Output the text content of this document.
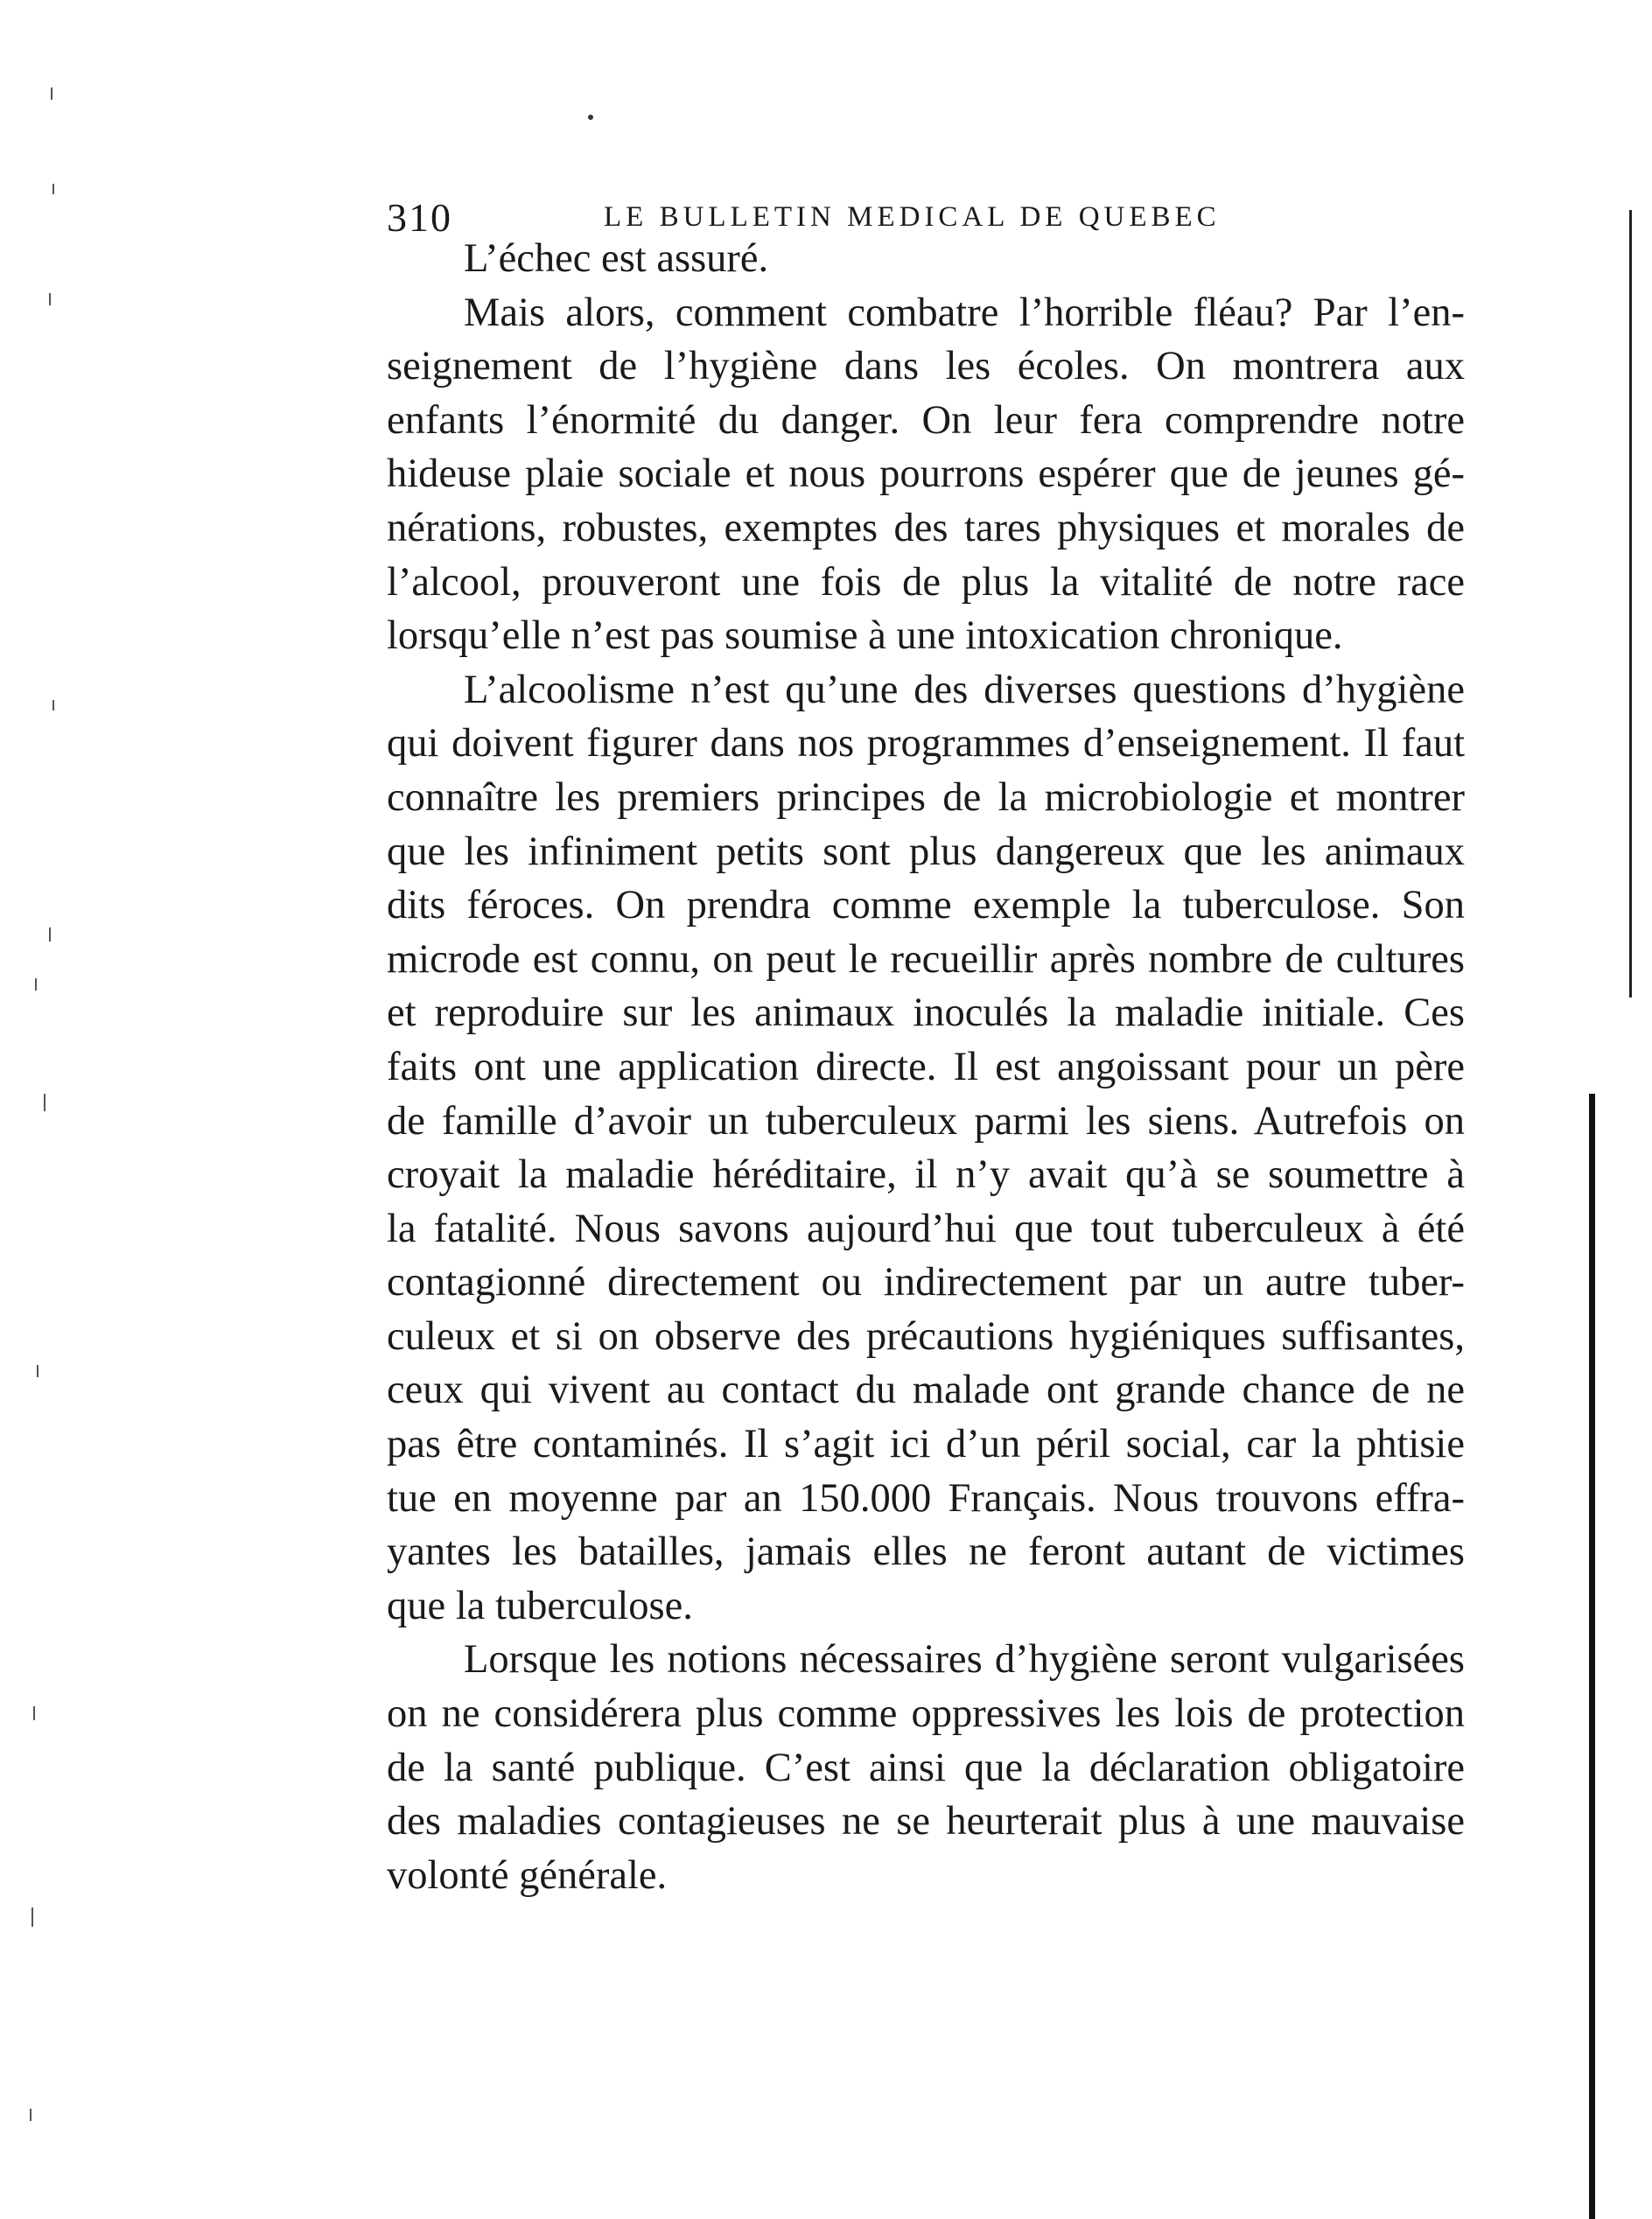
310	LE BULLETIN MEDICAL DE QUEBEC

L’échec est assuré.

Mais alors, comment combatre l’horrible fléau? Par l’en-
seignement de l’hygiène dans les écoles. On montrera aux
enfants l’énormité du danger. On leur fera comprendre notre
hideuse plaie sociale et nous pourrons espérer que de jeunes gé-
nérations, robustes, exemptes des tares physiques et morales de
l’alcool, prouveront une fois de plus la vitalité de notre race
lorsqu’elle n’est pas soumise à une intoxication chronique.

L’alcoolisme n’est qu’une des diverses questions d’hygiène
qui doivent figurer dans nos programmes d’enseignement. Il faut
connaître les premiers principes de la microbiologie et montrer
que les infiniment petits sont plus dangereux que les animaux
dits féroces. On prendra comme exemple la tuberculose. Son
microde est connu, on peut le recueillir après nombre de cultures
et reproduire sur les animaux inoculés la maladie initiale. Ces
faits ont une application directe. Il est angoissant pour un père
de famille d’avoir un tuberculeux parmi les siens. Autrefois on
croyait la maladie héréditaire, il n’y avait qu’à se soumettre à
la fatalité. Nous savons aujourd’hui que tout tuberculeux à été
contagionné directement ou indirectement par un autre tuber-
culeux et si on observe des précautions hygiéniques suffisantes,
ceux qui vivent au contact du malade ont grande chance de ne
pas être contaminés. Il s’agit ici d’un péril social, car la phtisie
tue en moyenne par an 150.000 Français. Nous trouvons effra-
yantes les batailles, jamais elles ne feront autant de victimes
que la tuberculose.

Lorsque les notions nécessaires d’hygiène seront vulgarisées
on ne considérera plus comme oppressives les lois de protection
de la santé publique. C’est ainsi que la déclaration obligatoire
des maladies contagieuses ne se heurterait plus à une mauvaise
volonté générale.
